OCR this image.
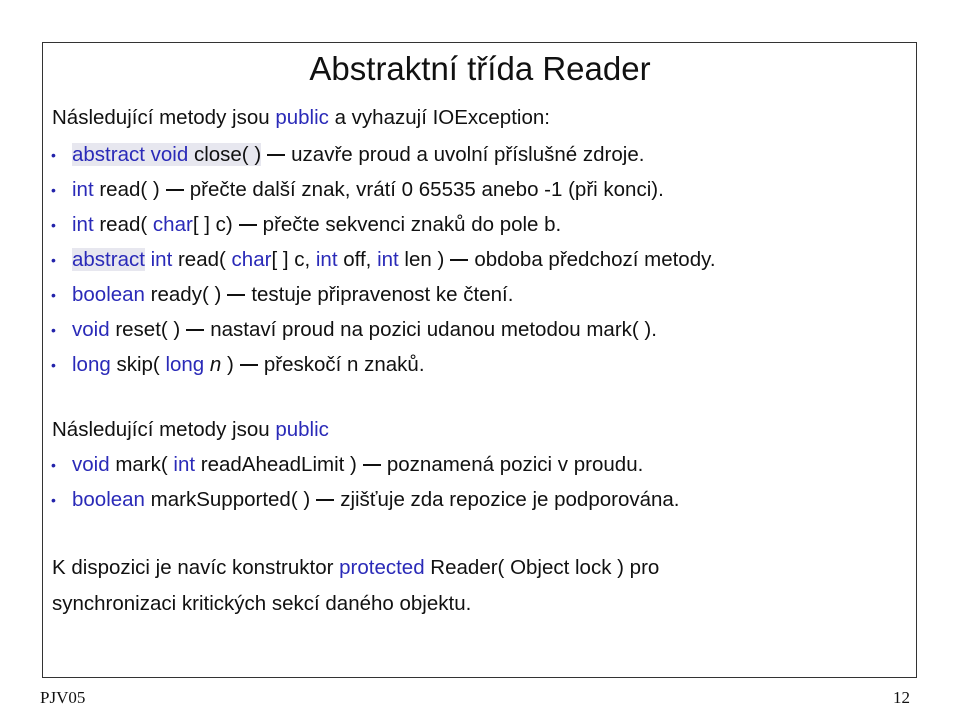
Abstraktní třída Reader
Následující metody jsou public a vyhazují IOException:
• abstract void close( ) uzavře proud a uvolní příslušné zdroje.
• int read( ) přečte další znak, vrátí 0 65535 anebo -1 (při konci).
• int read( char[ ] c) přečte sekvenci znaků do pole b.
• abstract int read( char[ ] c, int off, int len ) obdoba předchozí metody.
• boolean ready( ) testuje připravenost ke čtení.
• void reset( ) nastaví proud na pozici udanou metodou mark( ).
• long skip( long n ) přeskočí n znaků.
Následující metody jsou public
• void mark( int readAheadLimit ) poznamená pozici v proudu.
• boolean markSupported( ) zjišťuje zda repozice je podporována.
K dispozici je navíc konstruktor protected Reader( Object lock ) pro
synchronizaci kritických sekcí daného objektu.
PJV05	12
